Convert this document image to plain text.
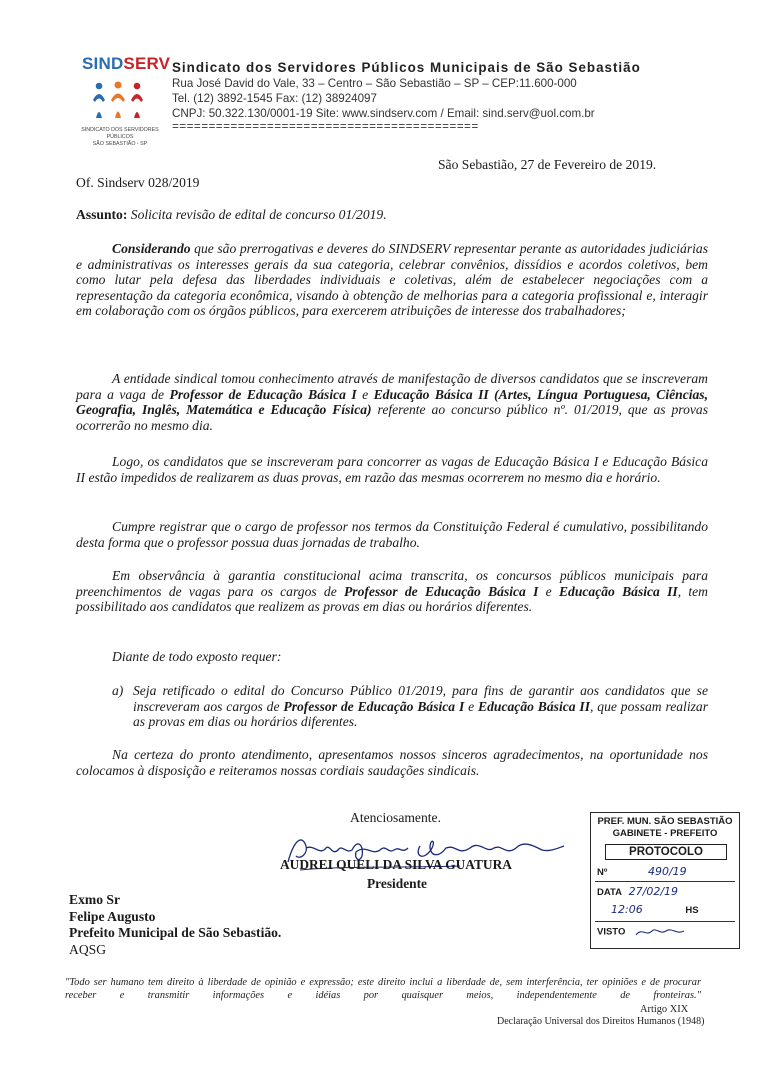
SINDSERV
SINDICATO DOS SERVIDORES PÚBLICOS
SÃO SEBASTIÃO - SP
Sindicato dos Servidores Públicos Municipais de São Sebastião
Rua José David do Vale, 33 – Centro – São Sebastião – SP – CEP:11.600-000
Tel. (12) 3892-1545 Fax: (12) 38924097
CNPJ: 50.322.130/0001-19 Site: www.sindserv.com / Email: sind.serv@uol.com.br
==========================================
São Sebastião, 27 de Fevereiro de 2019.
Of. Sindserv 028/2019
Assunto: Solicita revisão de edital de concurso 01/2019.
Considerando que são prerrogativas e deveres do SINDSERV representar perante as autoridades judiciárias e administrativas os interesses gerais da sua categoria, celebrar convênios, dissídios e acordos coletivos, bem como lutar pela defesa das liberdades individuais e coletivas, além de estabelecer negociações com a representação da categoria econômica, visando à obtenção de melhorias para a categoria profissional e, interagir em colaboração com os órgãos públicos, para exercerem atribuições de interesse dos trabalhadores;
A entidade sindical tomou conhecimento através de manifestação de diversos candidatos que se inscreveram para a vaga de Professor de Educação Básica I e Educação Básica II (Artes, Língua Portuguesa, Ciências, Geografia, Inglês, Matemática e Educação Física) referente ao concurso público nº. 01/2019, que as provas ocorrerão no mesmo dia.
Logo, os candidatos que se inscreveram para concorrer as vagas de Educação Básica I e Educação Básica II estão impedidos de realizarem as duas provas, em razão das mesmas ocorrerem no mesmo dia e horário.
Cumpre registrar que o cargo de professor nos termos da Constituição Federal é cumulativo, possibilitando desta forma que o professor possua duas jornadas de trabalho.
Em observância à garantia constitucional acima transcrita, os concursos públicos municipais para preenchimentos de vagas para os cargos de Professor de Educação Básica I e Educação Básica II, tem possibilitado aos candidatos que realizem as provas em dias ou horários diferentes.
Diante de todo exposto requer:
a) Seja retificado o edital do Concurso Público 01/2019, para fins de garantir aos candidatos que se inscreveram aos cargos de Professor de Educação Básica I e Educação Básica II, que possam realizar as provas em dias ou horários diferentes.
Na certeza do pronto atendimento, apresentamos nossos sinceros agradecimentos, na oportunidade nos colocamos à disposição e reiteramos nossas cordiais saudações sindicais.
Atenciosamente.
AUDREI QUELI DA SILVA GUATURA
Presidente
Exmo Sr
Felipe Augusto
Prefeito Municipal de São Sebastião.
AQSG
PREF. MUN. SÃO SEBASTIÃO
GABINETE - PREFEITO
PROTOCOLO
Nº	490/19
DATA 27/02/19
12:06	HS
VISTO
"Todo ser humano tem direito à liberdade de opinião e expressão; este direito inclui a liberdade de, sem interferência, ter opiniões e de procurar receber e transmitir informações e idéias por quaisquer meios, independentemente de fronteiras."
Artigo XIX
Declaração Universal dos Direitos Humanos (1948)
